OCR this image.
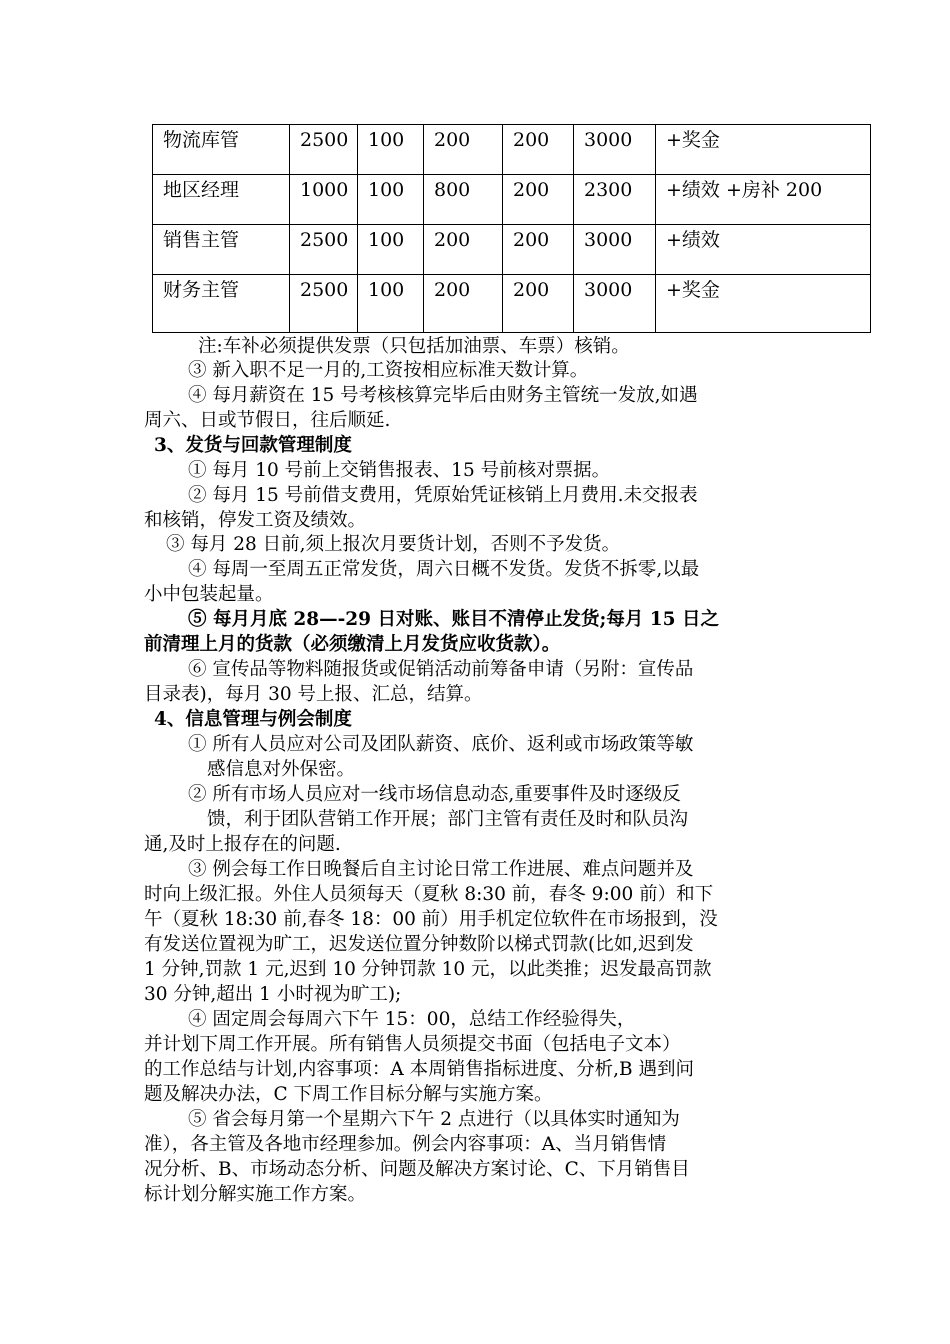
物流库管	2500	100	200	200	3000	+奖金
地区经理	1000	100	800	200	2300	+绩效 +房补 200
销售主管	2500	100	200	200	3000	+绩效
财务主管	2500	100	200	200	3000	+奖金
注:车补必须提供发票（只包括加油票、车票）核销。
③ 新入职不足一月的,工资按相应标准天数计算。
④ 每月薪资在 15 号考核核算完毕后由财务主管统一发放,如遇
周六、日或节假日，往后顺延.
3、发货与回款管理制度
① 每月 10 号前上交销售报表、15 号前核对票据。
② 每月 15 号前借支费用，凭原始凭证核销上月费用.未交报表
和核销，停发工资及绩效。
③ 每月 28 日前,须上报次月要货计划，否则不予发货。
④ 每周一至周五正常发货，周六日概不发货。发货不拆零,以最
小中包装起量。
⑤ 每月月底 28—-29 日对账、账目不清停止发货;每月 15 日之
前清理上月的货款（必须缴清上月发货应收货款）。
⑥ 宣传品等物料随报货或促销活动前筹备申请（另附：宣传品
目录表)，每月 30 号上报、汇总，结算。
4、信息管理与例会制度
① 所有人员应对公司及团队薪资、底价、返利或市场政策等敏
感信息对外保密。
② 所有市场人员应对一线市场信息动态,重要事件及时逐级反
馈，利于团队营销工作开展；部门主管有责任及时和队员沟
通,及时上报存在的问题.
③ 例会每工作日晚餐后自主讨论日常工作进展、难点问题并及
时向上级汇报。外住人员须每天（夏秋 8:30 前，春冬 9:00 前）和下
午（夏秋 18:30 前,春冬 18：00 前）用手机定位软件在市场报到，没
有发送位置视为旷工，迟发送位置分钟数阶以梯式罚款(比如,迟到发
1 分钟,罚款 1 元,迟到 10 分钟罚款 10 元，以此类推；迟发最高罚款
30 分钟,超出 1 小时视为旷工);
④ 固定周会每周六下午 15：00，总结工作经验得失，
并计划下周工作开展。所有销售人员须提交书面（包括电子文本）
的工作总结与计划,内容事项：A 本周销售指标进度、分析,B 遇到问
题及解决办法，C 下周工作目标分解与实施方案。
⑤ 省会每月第一个星期六下午 2 点进行（以具体实时通知为
准），各主管及各地市经理参加。例会内容事项：A、当月销售情
况分析、B、市场动态分析、问题及解决方案讨论、C、下月销售目
标计划分解实施工作方案。
